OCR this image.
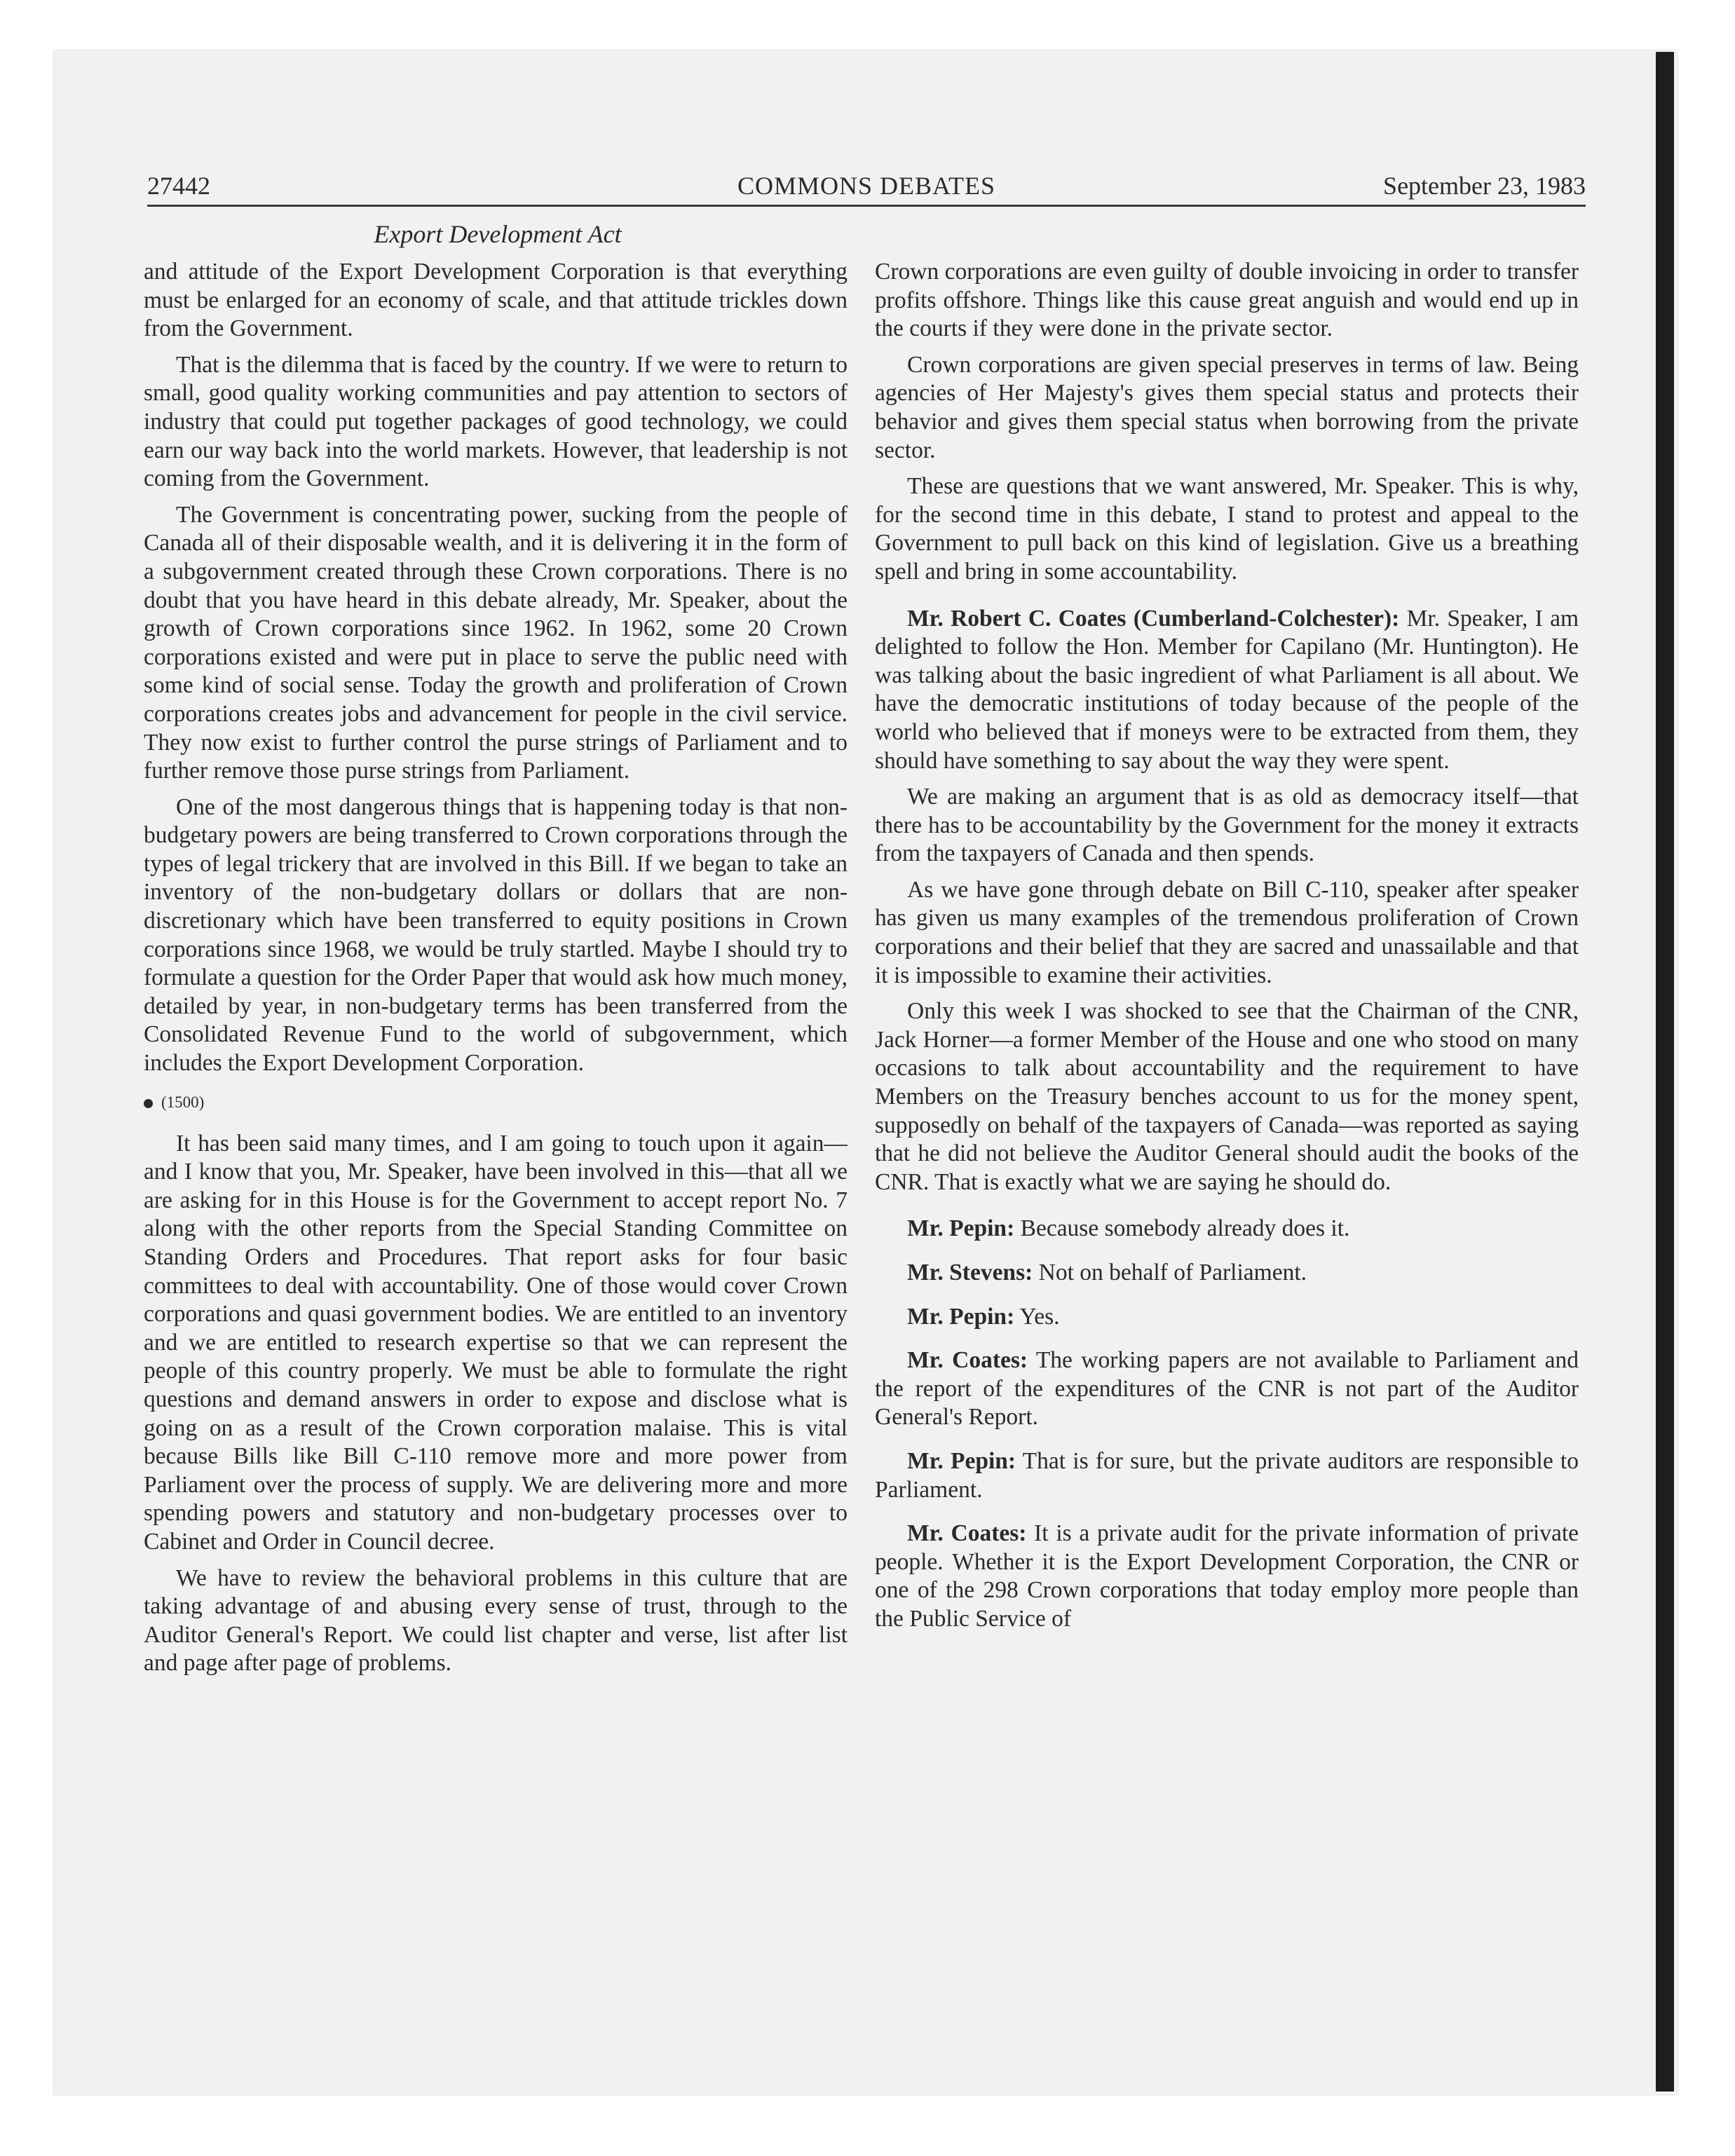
27442	COMMONS DEBATES	September 23, 1983
Export Development Act

and attitude of the Export Development Corporation is that everything must be enlarged for an economy of scale, and that attitude trickles down from the Government.

That is the dilemma that is faced by the country. If we were to return to small, good quality working communities and pay attention to sectors of industry that could put together packages of good technology, we could earn our way back into the world markets. However, that leadership is not coming from the Government.

The Government is concentrating power, sucking from the people of Canada all of their disposable wealth, and it is delivering it in the form of a subgovernment created through these Crown corporations. There is no doubt that you have heard in this debate already, Mr. Speaker, about the growth of Crown corporations since 1962. In 1962, some 20 Crown corporations existed and were put in place to serve the public need with some kind of social sense. Today the growth and proliferation of Crown corporations creates jobs and advancement for people in the civil service. They now exist to further control the purse strings of Parliament and to further remove those purse strings from Parliament.

One of the most dangerous things that is happening today is that non-budgetary powers are being transferred to Crown corporations through the types of legal trickery that are involved in this Bill. If we began to take an inventory of the non-budgetary dollars or dollars that are non-discretionary which have been transferred to equity positions in Crown corporations since 1968, we would be truly startled. Maybe I should try to formulate a question for the Order Paper that would ask how much money, detailed by year, in non-budgetary terms has been transferred from the Consolidated Revenue Fund to the world of subgovernment, which includes the Export Development Corporation.

(1500)

It has been said many times, and I am going to touch upon it again—and I know that you, Mr. Speaker, have been involved in this—that all we are asking for in this House is for the Government to accept report No. 7 along with the other reports from the Special Standing Committee on Standing Orders and Procedures. That report asks for four basic committees to deal with accountability. One of those would cover Crown corporations and quasi government bodies. We are entitled to an inventory and we are entitled to research expertise so that we can represent the people of this country properly. We must be able to formulate the right questions and demand answers in order to expose and disclose what is going on as a result of the Crown corporation malaise. This is vital because Bills like Bill C-110 remove more and more power from Parliament over the process of supply. We are delivering more and more spending powers and statutory and non-budgetary processes over to Cabinet and Order in Council decree.

We have to review the behavioral problems in this culture that are taking advantage of and abusing every sense of trust, through to the Auditor General's Report. We could list chapter and verse, list after list and page after page of problems.

Crown corporations are even guilty of double invoicing in order to transfer profits offshore. Things like this cause great anguish and would end up in the courts if they were done in the private sector.

Crown corporations are given special preserves in terms of law. Being agencies of Her Majesty's gives them special status and protects their behavior and gives them special status when borrowing from the private sector.

These are questions that we want answered, Mr. Speaker. This is why, for the second time in this debate, I stand to protest and appeal to the Government to pull back on this kind of legislation. Give us a breathing spell and bring in some accountability.

Mr. Robert C. Coates (Cumberland-Colchester): Mr. Speaker, I am delighted to follow the Hon. Member for Capilano (Mr. Huntington). He was talking about the basic ingredient of what Parliament is all about. We have the democratic institutions of today because of the people of the world who believed that if moneys were to be extracted from them, they should have something to say about the way they were spent.

We are making an argument that is as old as democracy itself—that there has to be accountability by the Government for the money it extracts from the taxpayers of Canada and then spends.

As we have gone through debate on Bill C-110, speaker after speaker has given us many examples of the tremendous proliferation of Crown corporations and their belief that they are sacred and unassailable and that it is impossible to examine their activities.

Only this week I was shocked to see that the Chairman of the CNR, Jack Horner—a former Member of the House and one who stood on many occasions to talk about accountability and the requirement to have Members on the Treasury benches account to us for the money spent, supposedly on behalf of the taxpayers of Canada—was reported as saying that he did not believe the Auditor General should audit the books of the CNR. That is exactly what we are saying he should do.

Mr. Pepin: Because somebody already does it.

Mr. Stevens: Not on behalf of Parliament.

Mr. Pepin: Yes.

Mr. Coates: The working papers are not available to Parliament and the report of the expenditures of the CNR is not part of the Auditor General's Report.

Mr. Pepin: That is for sure, but the private auditors are responsible to Parliament.

Mr. Coates: It is a private audit for the private information of private people. Whether it is the Export Development Corporation, the CNR or one of the 298 Crown corporations that today employ more people than the Public Service of
